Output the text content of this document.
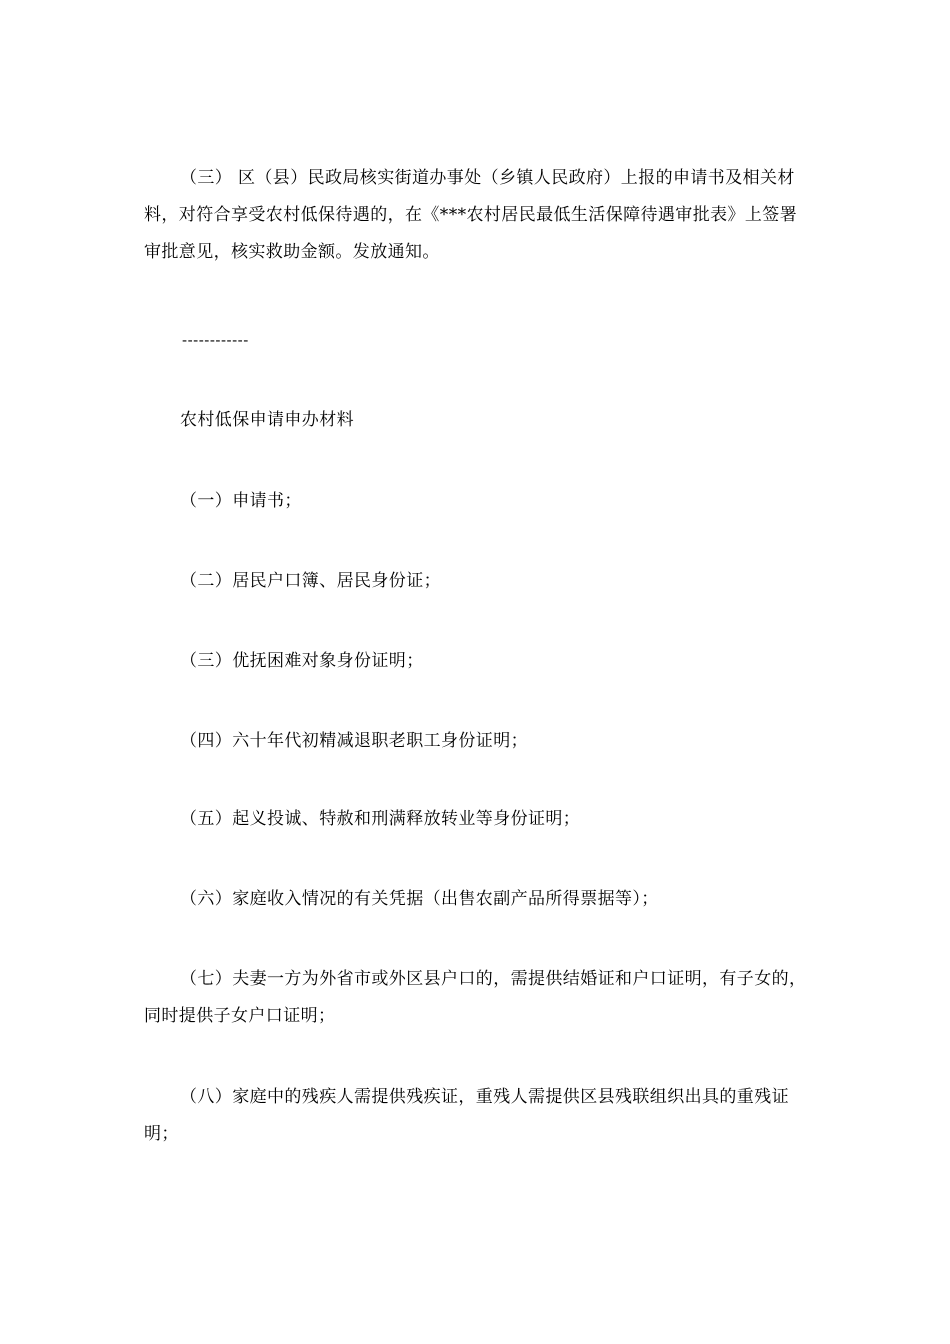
（三） 区（县）民政局核实街道办事处（乡镇人民政府）上报的申请书及相关材料，对符合享受农村低保待遇的，在《***农村居民最低生活保障待遇审批表》上签署审批意见，核实救助金额。发放通知。

------------

农村低保申请申办材料

（一）申请书；

（二）居民户口簿、居民身份证；

（三）优抚困难对象身份证明；

（四）六十年代初精减退职老职工身份证明；

（五）起义投诚、特赦和刑满释放转业等身份证明；

（六）家庭收入情况的有关凭据（出售农副产品所得票据等）；

（七）夫妻一方为外省市或外区县户口的，需提供结婚证和户口证明，有子女的，同时提供子女户口证明；

（八）家庭中的残疾人需提供残疾证，重残人需提供区县残联组织出具的重残证明；
